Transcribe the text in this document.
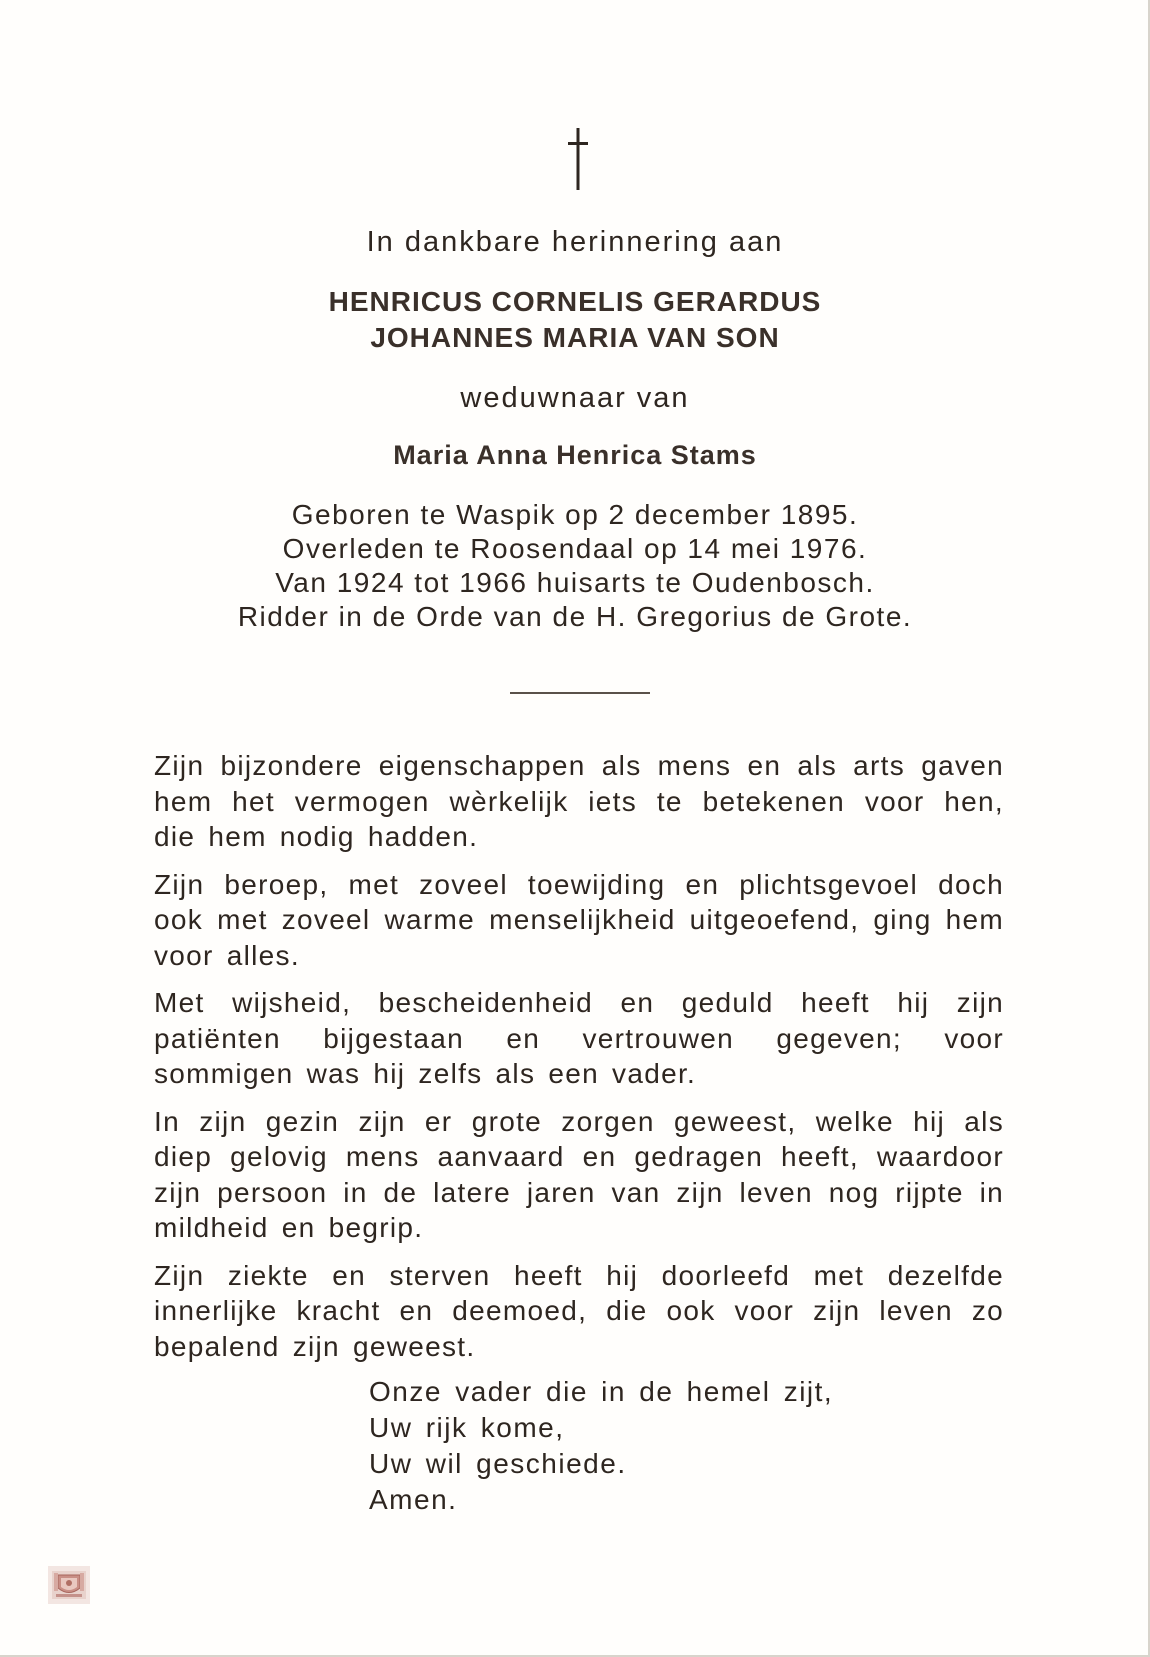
In dankbare herinnering aan
HENRICUS CORNELIS GERARDUS
JOHANNES MARIA VAN SON
weduwnaar van
Maria Anna Henrica Stams
Geboren te Waspik op 2 december 1895.
Overleden te Roosendaal op 14 mei 1976.
Van 1924 tot 1966 huisarts te Oudenbosch.
Ridder in de Orde van de H. Gregorius de Grote.

Zijn bijzondere eigenschappen als mens en als arts gaven hem het vermogen wèrkelijk iets te betekenen voor hen, die hem nodig hadden.

Zijn beroep, met zoveel toewijding en plichtsgevoel doch ook met zoveel warme menselijkheid uitgeoefend, ging hem voor alles.

Met wijsheid, bescheidenheid en geduld heeft hij zijn patiënten bijgestaan en vertrouwen gegeven; voor sommigen was hij zelfs als een vader.

In zijn gezin zijn er grote zorgen geweest, welke hij als diep gelovig mens aanvaard en gedragen heeft, waardoor zijn persoon in de latere jaren van zijn leven nog rijpte in mildheid en begrip.

Zijn ziekte en sterven heeft hij doorleefd met dezelfde innerlijke kracht en deemoed, die ook voor zijn leven zo bepalend zijn geweest.

Onze vader die in de hemel zijt,
Uw rijk kome,
Uw wil geschiede.
Amen.
